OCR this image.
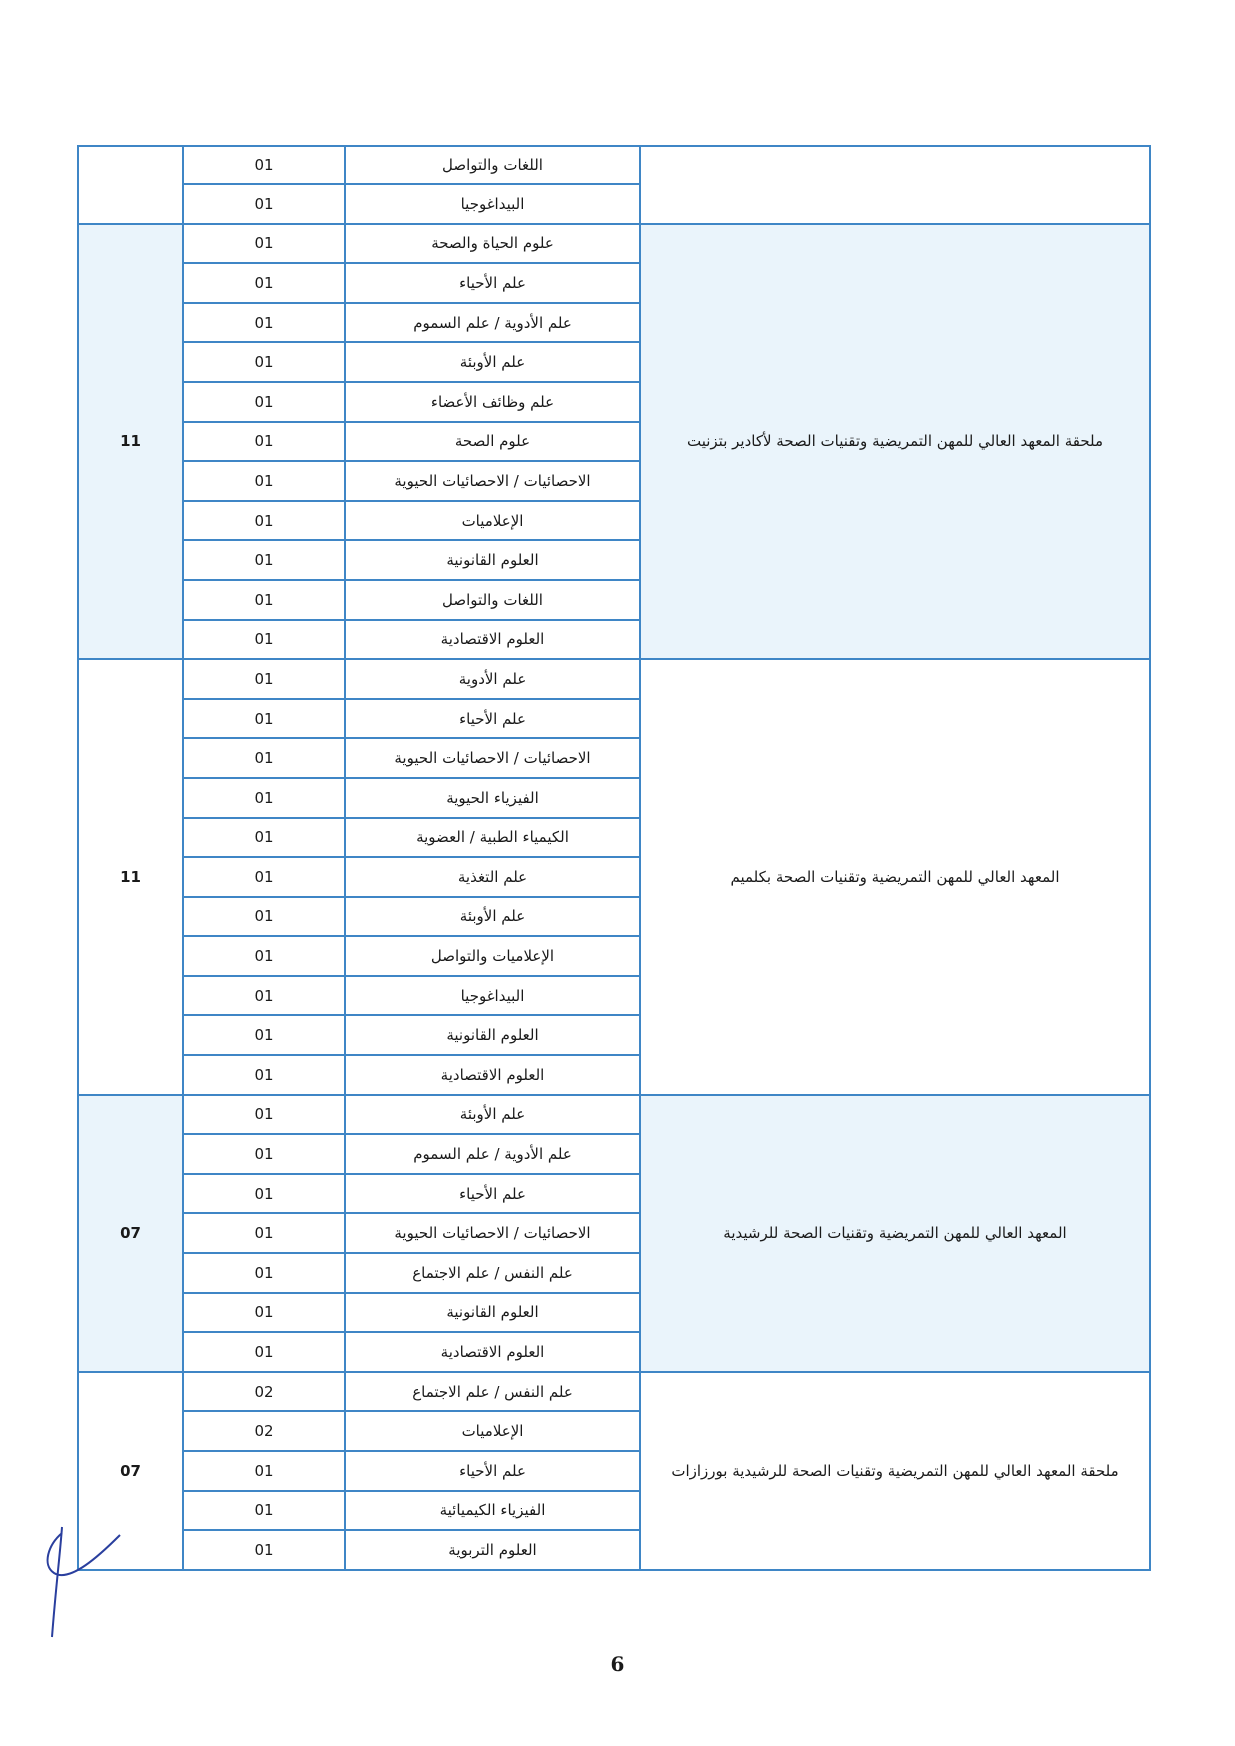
	01	اللغات والتواصل	
	01	البيداغوجيا	
11	01	علوم الحياة والصحة	ملحقة المعهد العالي للمهن التمريضية وتقنيات الصحة لأكادير بتزنيت
	01	علم الأحياء	
	01	علم الأدوية / علم السموم	
	01	علم الأوبئة	
	01	علم وظائف الأعضاء	
	01	علوم الصحة	
	01	الاحصائيات / الاحصائيات الحيوية	
	01	الإعلاميات	
	01	العلوم القانونية	
	01	اللغات والتواصل	
	01	العلوم الاقتصادية	
11	01	علم الأدوية	المعهد العالي للمهن التمريضية وتقنيات الصحة بكلميم
	01	علم الأحياء	
	01	الاحصائيات / الاحصائيات الحيوية	
	01	الفيزياء الحيوية	
	01	الكيمياء الطبية / العضوية	
	01	علم التغذية	
	01	علم الأوبئة	
	01	الإعلاميات والتواصل	
	01	البيداغوجيا	
	01	العلوم القانونية	
	01	العلوم الاقتصادية	
07	01	علم الأوبئة	المعهد العالي للمهن التمريضية وتقنيات الصحة للرشيدية
	01	علم الأدوية / علم السموم	
	01	علم الأحياء	
	01	الاحصائيات / الاحصائيات الحيوية	
	01	علم النفس / علم الاجتماع	
	01	العلوم القانونية	
	01	العلوم الاقتصادية	
07	02	علم النفس / علم الاجتماع	ملحقة المعهد العالي للمهن التمريضية وتقنيات الصحة للرشيدية بورزازات
	02	الإعلاميات	
	01	علم الأحياء	
	01	الفيزياء الكيميائية	
	01	العلوم التربوية	
6
